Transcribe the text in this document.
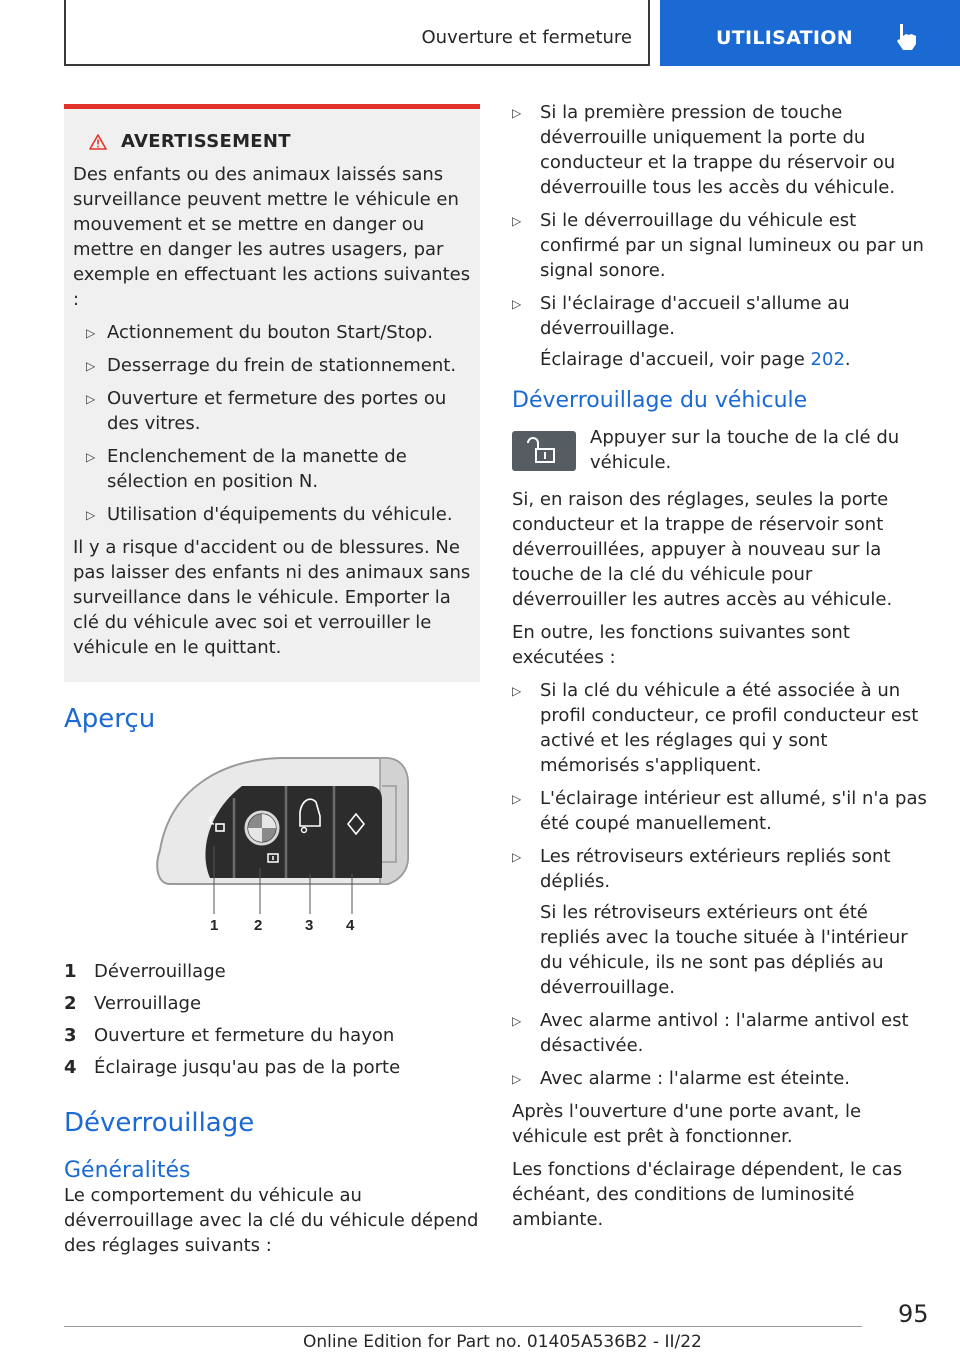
Ouverture et fermeture	UTILISATION
AVERTISSEMENT

Des enfants ou des animaux laissés sans surveillance peuvent mettre le véhicule en mouvement et se mettre en danger ou mettre en danger les autres usagers, par exemple en effectuant les actions suivantes :

▷ Actionnement du bouton Start/Stop.
▷ Desserrage du frein de stationnement.
▷ Ouverture et fermeture des portes ou des vitres.
▷ Enclenchement de la manette de sélection en position N.
▷ Utilisation d'équipements du véhicule.

Il y a risque d'accident ou de blessures. Ne pas laisser des enfants ni des animaux sans surveillance dans le véhicule. Emporter la clé du véhicule avec soi et verrouiller le véhicule en le quittant.

Aperçu
1 2	3 4
1 Déverrouillage
2 Verrouillage
3 Ouverture et fermeture du hayon
4 Éclairage jusqu'au pas de la porte
Déverrouillage
Généralités

Le comportement du véhicule au déverrouillage avec la clé du véhicule dépend des réglages suivants :

▷ Si la première pression de touche déverrouille uniquement la porte du conducteur et la trappe du réservoir ou déverrouille tous les accès du véhicule.
▷ Si le déverrouillage du véhicule est confirmé par un signal lumineux ou par un signal sonore.
▷ Si l'éclairage d'accueil s'allume au déverrouillage.
Éclairage d'accueil, voir page 202.
Déverrouillage du véhicule

Appuyer sur la touche de la clé du véhicule.

Si, en raison des réglages, seules la porte conducteur et la trappe de réservoir sont déverrouillées, appuyer à nouveau sur la touche de la clé du véhicule pour déverrouiller les autres accès au véhicule.

En outre, les fonctions suivantes sont exécutées :

▷ Si la clé du véhicule a été associée à un profil conducteur, ce profil conducteur est activé et les réglages qui y sont mémorisés s'appliquent.
▷ L'éclairage intérieur est allumé, s'il n'a pas été coupé manuellement.
▷ Les rétroviseurs extérieurs repliés sont dépliés.
Si les rétroviseurs extérieurs ont été repliés avec la touche située à l'intérieur du véhicule, ils ne sont pas dépliés au déverrouillage.
▷ Avec alarme antivol : l'alarme antivol est désactivée.
▷ Avec alarme : l'alarme est éteinte.

Après l'ouverture d'une porte avant, le véhicule est prêt à fonctionner.

Les fonctions d'éclairage dépendent, le cas échéant, des conditions de luminosité ambiante.

95
Online Edition for Part no. 01405A536B2 - II/22
